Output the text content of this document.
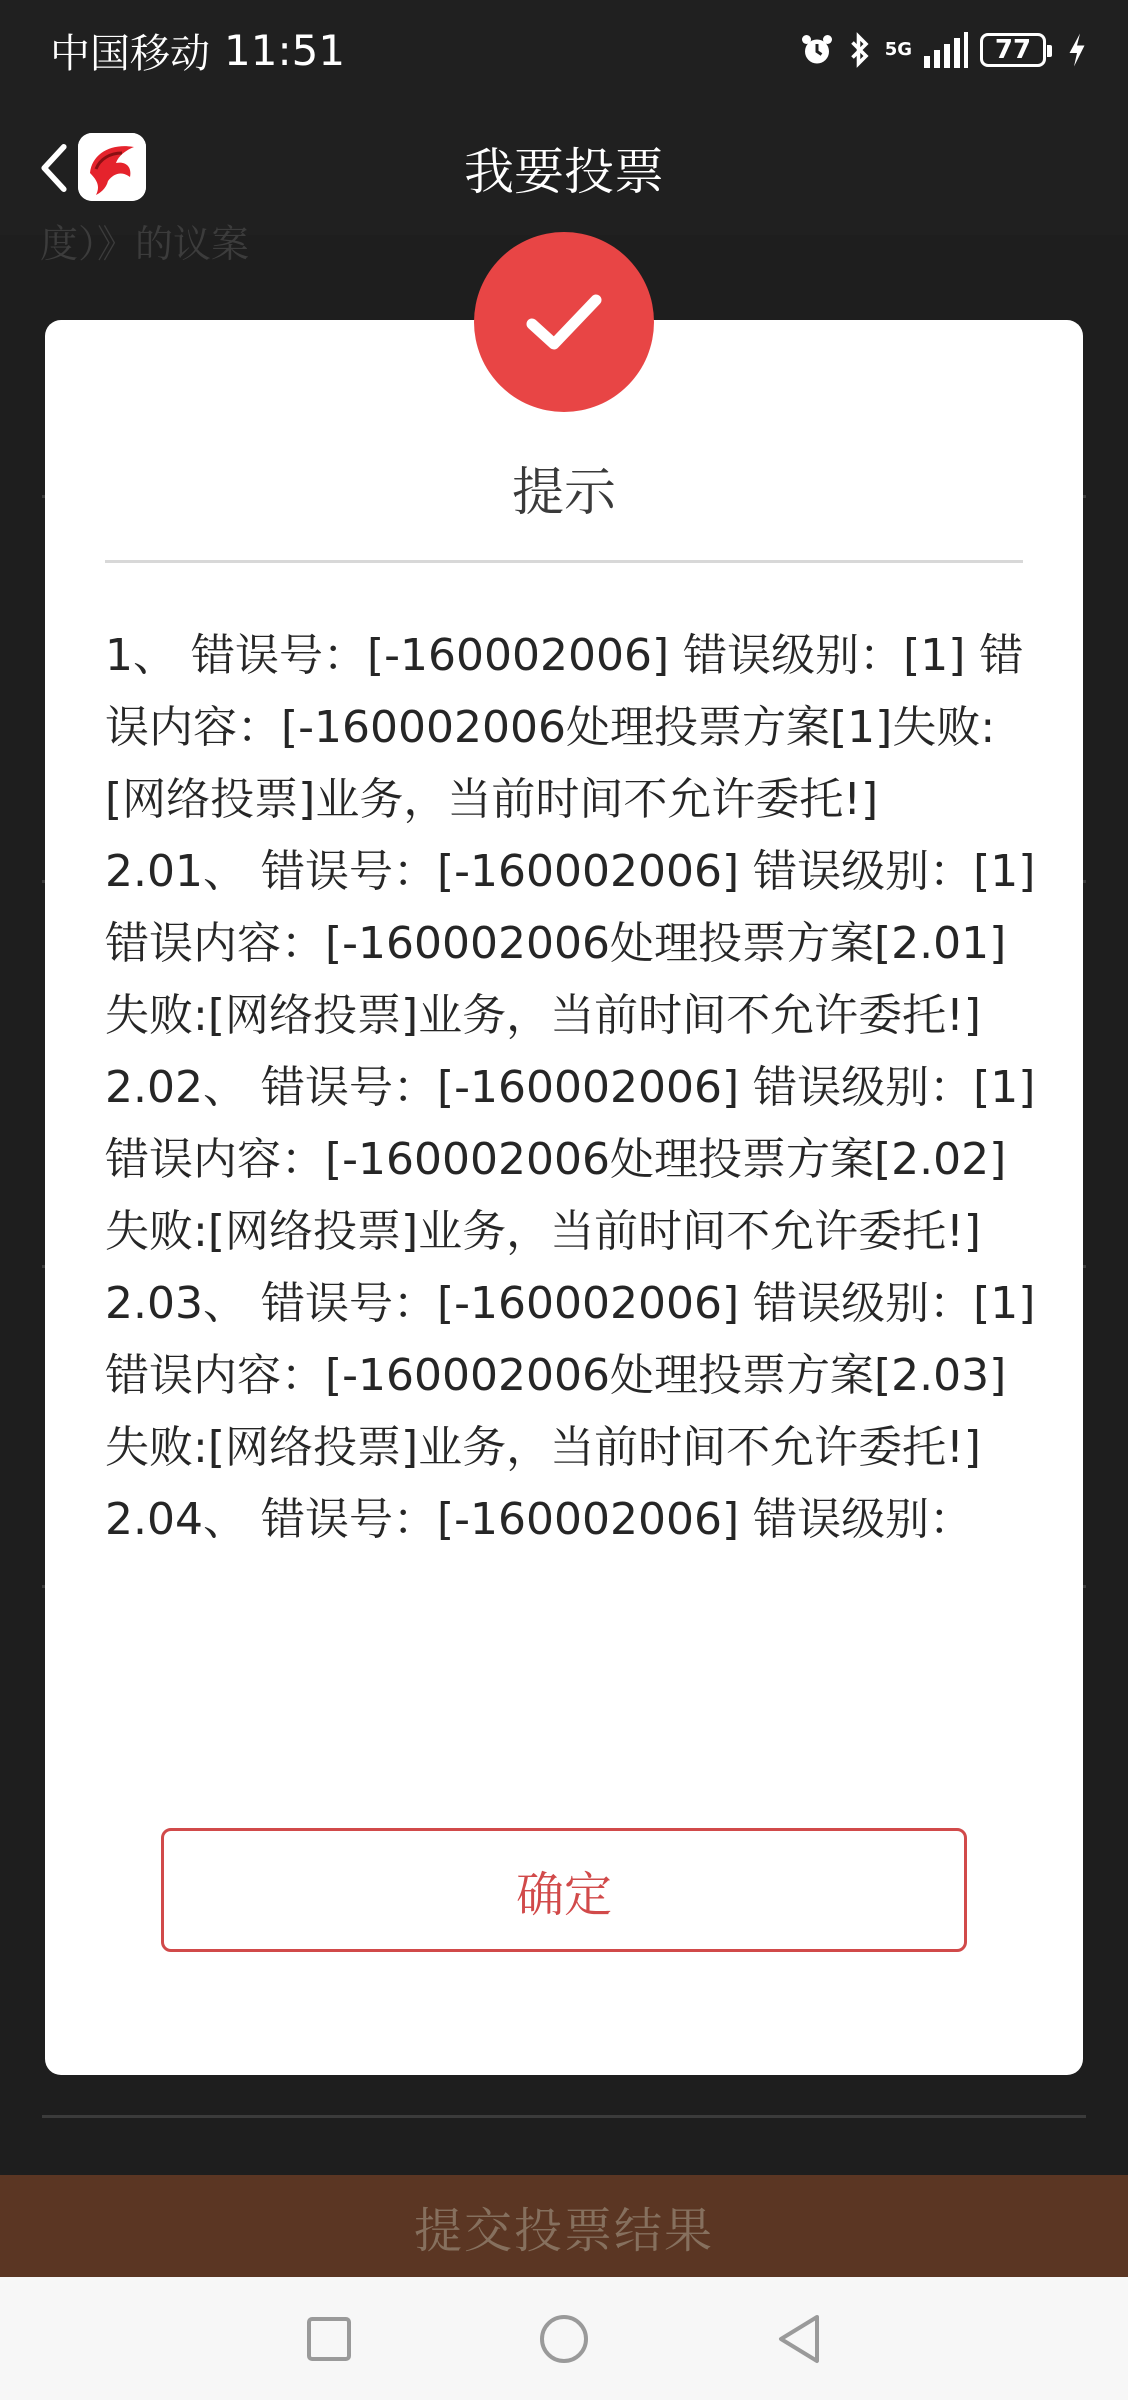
中国移动 11:51	5G	77
我要投票
度）》的议案
提交投票结果
提示
1、 错误号：[-160002006] 错误级别：[1] 错误内容：[-160002006处理投票方案[1]失败:[网络投票]业务，当前时间不允许委托!]
2.01、 错误号：[-160002006] 错误级别：[1] 错误内容：[-160002006处理投票方案[2.01]失败:[网络投票]业务，当前时间不允许委托!]
2.02、 错误号：[-160002006] 错误级别：[1] 错误内容：[-160002006处理投票方案[2.02]失败:[网络投票]业务，当前时间不允许委托!]
2.03、 错误号：[-160002006] 错误级别：[1] 错误内容：[-160002006处理投票方案[2.03]失败:[网络投票]业务，当前时间不允许委托!]
2.04、 错误号：[-160002006] 错误级别：
确定
